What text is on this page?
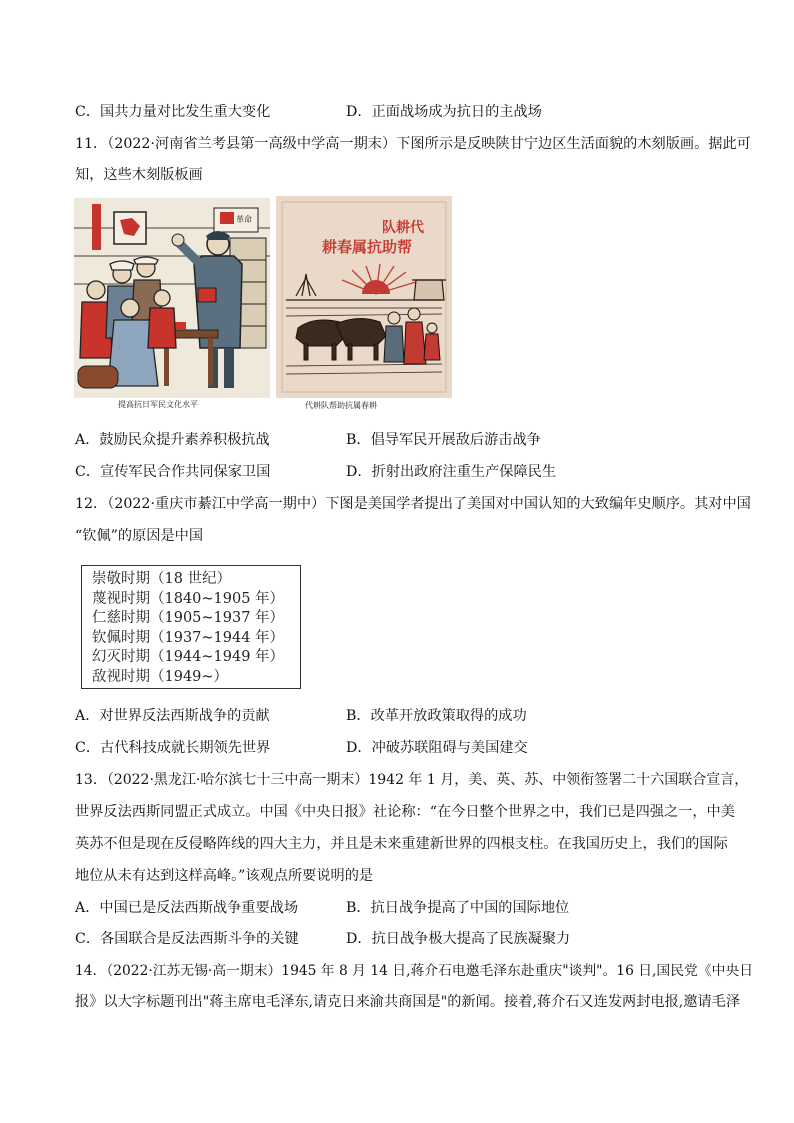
C．国共力量对比发生重大变化	D．正面战场成为抗日的主战场
11．（2022·河南省兰考县第一高级中学高一期末）下图所示是反映陕甘宁边区生活面貌的木刻版画。据此可
知，这些木刻版板画
革命
提高抗日军民文化水平
队耕代
耕春属抗助帮
代耕队帮助抗属春耕
A．鼓励民众提升素养积极抗战	B．倡导军民开展敌后游击战争
C．宣传军民合作共同保家卫国	D．折射出政府注重生产保障民生
12．（2022·重庆市綦江中学高一期中）下图是美国学者提出了美国对中国认知的大致编年史顺序。其对中国
“钦佩”的原因是中国
崇敬时期（18 世纪）
蔑视时期（1840~1905 年）
仁慈时期（1905~1937 年）
钦佩时期（1937~1944 年）
幻灭时期（1944~1949 年）
敌视时期（1949~）
A．对世界反法西斯战争的贡献	B．改革开放政策取得的成功
C．古代科技成就长期领先世界	D．冲破苏联阻碍与美国建交
13．（2022·黑龙江·哈尔滨七十三中高一期末）1942 年 1 月，美、英、苏、中领衔签署二十六国联合宣言，
世界反法西斯同盟正式成立。中国《中央日报》社论称：“在今日整个世界之中，我们已是四强之一，中美
英苏不但是现在反侵略阵线的四大主力，并且是未来重建新世界的四根支柱。在我国历史上，我们的国际
地位从未有达到这样高峰。”该观点所要说明的是
A．中国已是反法西斯战争重要战场	B．抗日战争提高了中国的国际地位
C．各国联合是反法西斯斗争的关键	D．抗日战争极大提高了民族凝聚力
14．（2022·江苏无锡·高一期末）1945 年 8 月 14 日,蒋介石电邀毛泽东赴重庆"谈判"。16 日,国民党《中央日
报》以大字标题刊出"蒋主席电毛泽东,请克日来渝共商国是"的新闻。接着,蒋介石又连发两封电报,邀请毛泽
